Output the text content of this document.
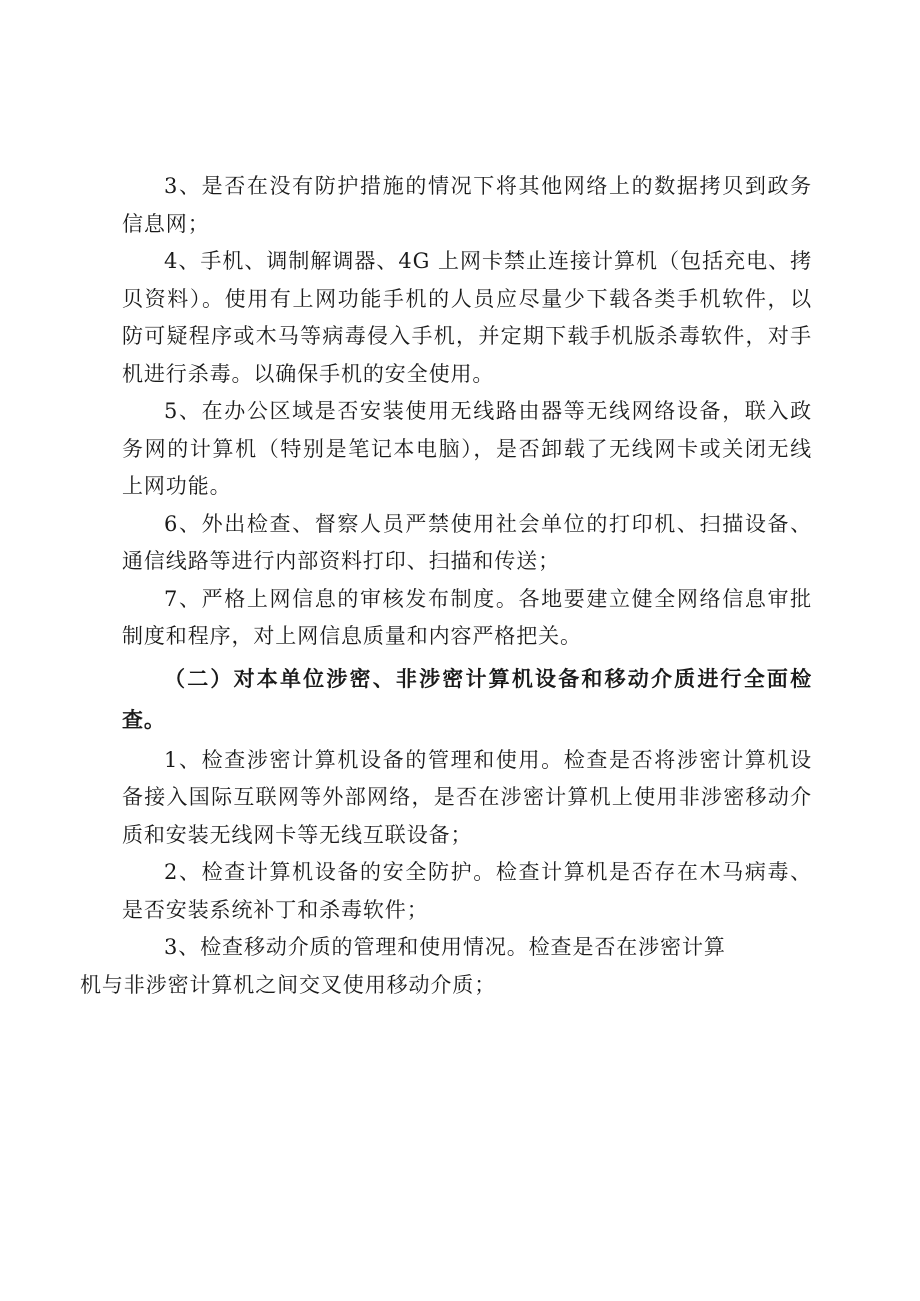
3、是否在没有防护措施的情况下将其他网络上的数据拷贝到政务信息网；

4、手机、调制解调器、4G 上网卡禁止连接计算机（包括充电、拷贝资料）。使用有上网功能手机的人员应尽量少下载各类手机软件，以防可疑程序或木马等病毒侵入手机，并定期下载手机版杀毒软件，对手机进行杀毒。以确保手机的安全使用。

5、在办公区域是否安装使用无线路由器等无线网络设备，联入政务网的计算机（特别是笔记本电脑），是否卸载了无线网卡或关闭无线上网功能。

6、外出检查、督察人员严禁使用社会单位的打印机、扫描设备、通信线路等进行内部资料打印、扫描和传送；

7、严格上网信息的审核发布制度。各地要建立健全网络信息审批制度和程序，对上网信息质量和内容严格把关。

（二）对本单位涉密、非涉密计算机设备和移动介质进行全面检查。

1、检查涉密计算机设备的管理和使用。检查是否将涉密计算机设备接入国际互联网等外部网络，是否在涉密计算机上使用非涉密移动介质和安装无线网卡等无线互联设备；

2、检查计算机设备的安全防护。检查计算机是否存在木马病毒、是否安装系统补丁和杀毒软件；

3、检查移动介质的管理和使用情况。检查是否在涉密计算
机与非涉密计算机之间交叉使用移动介质；
